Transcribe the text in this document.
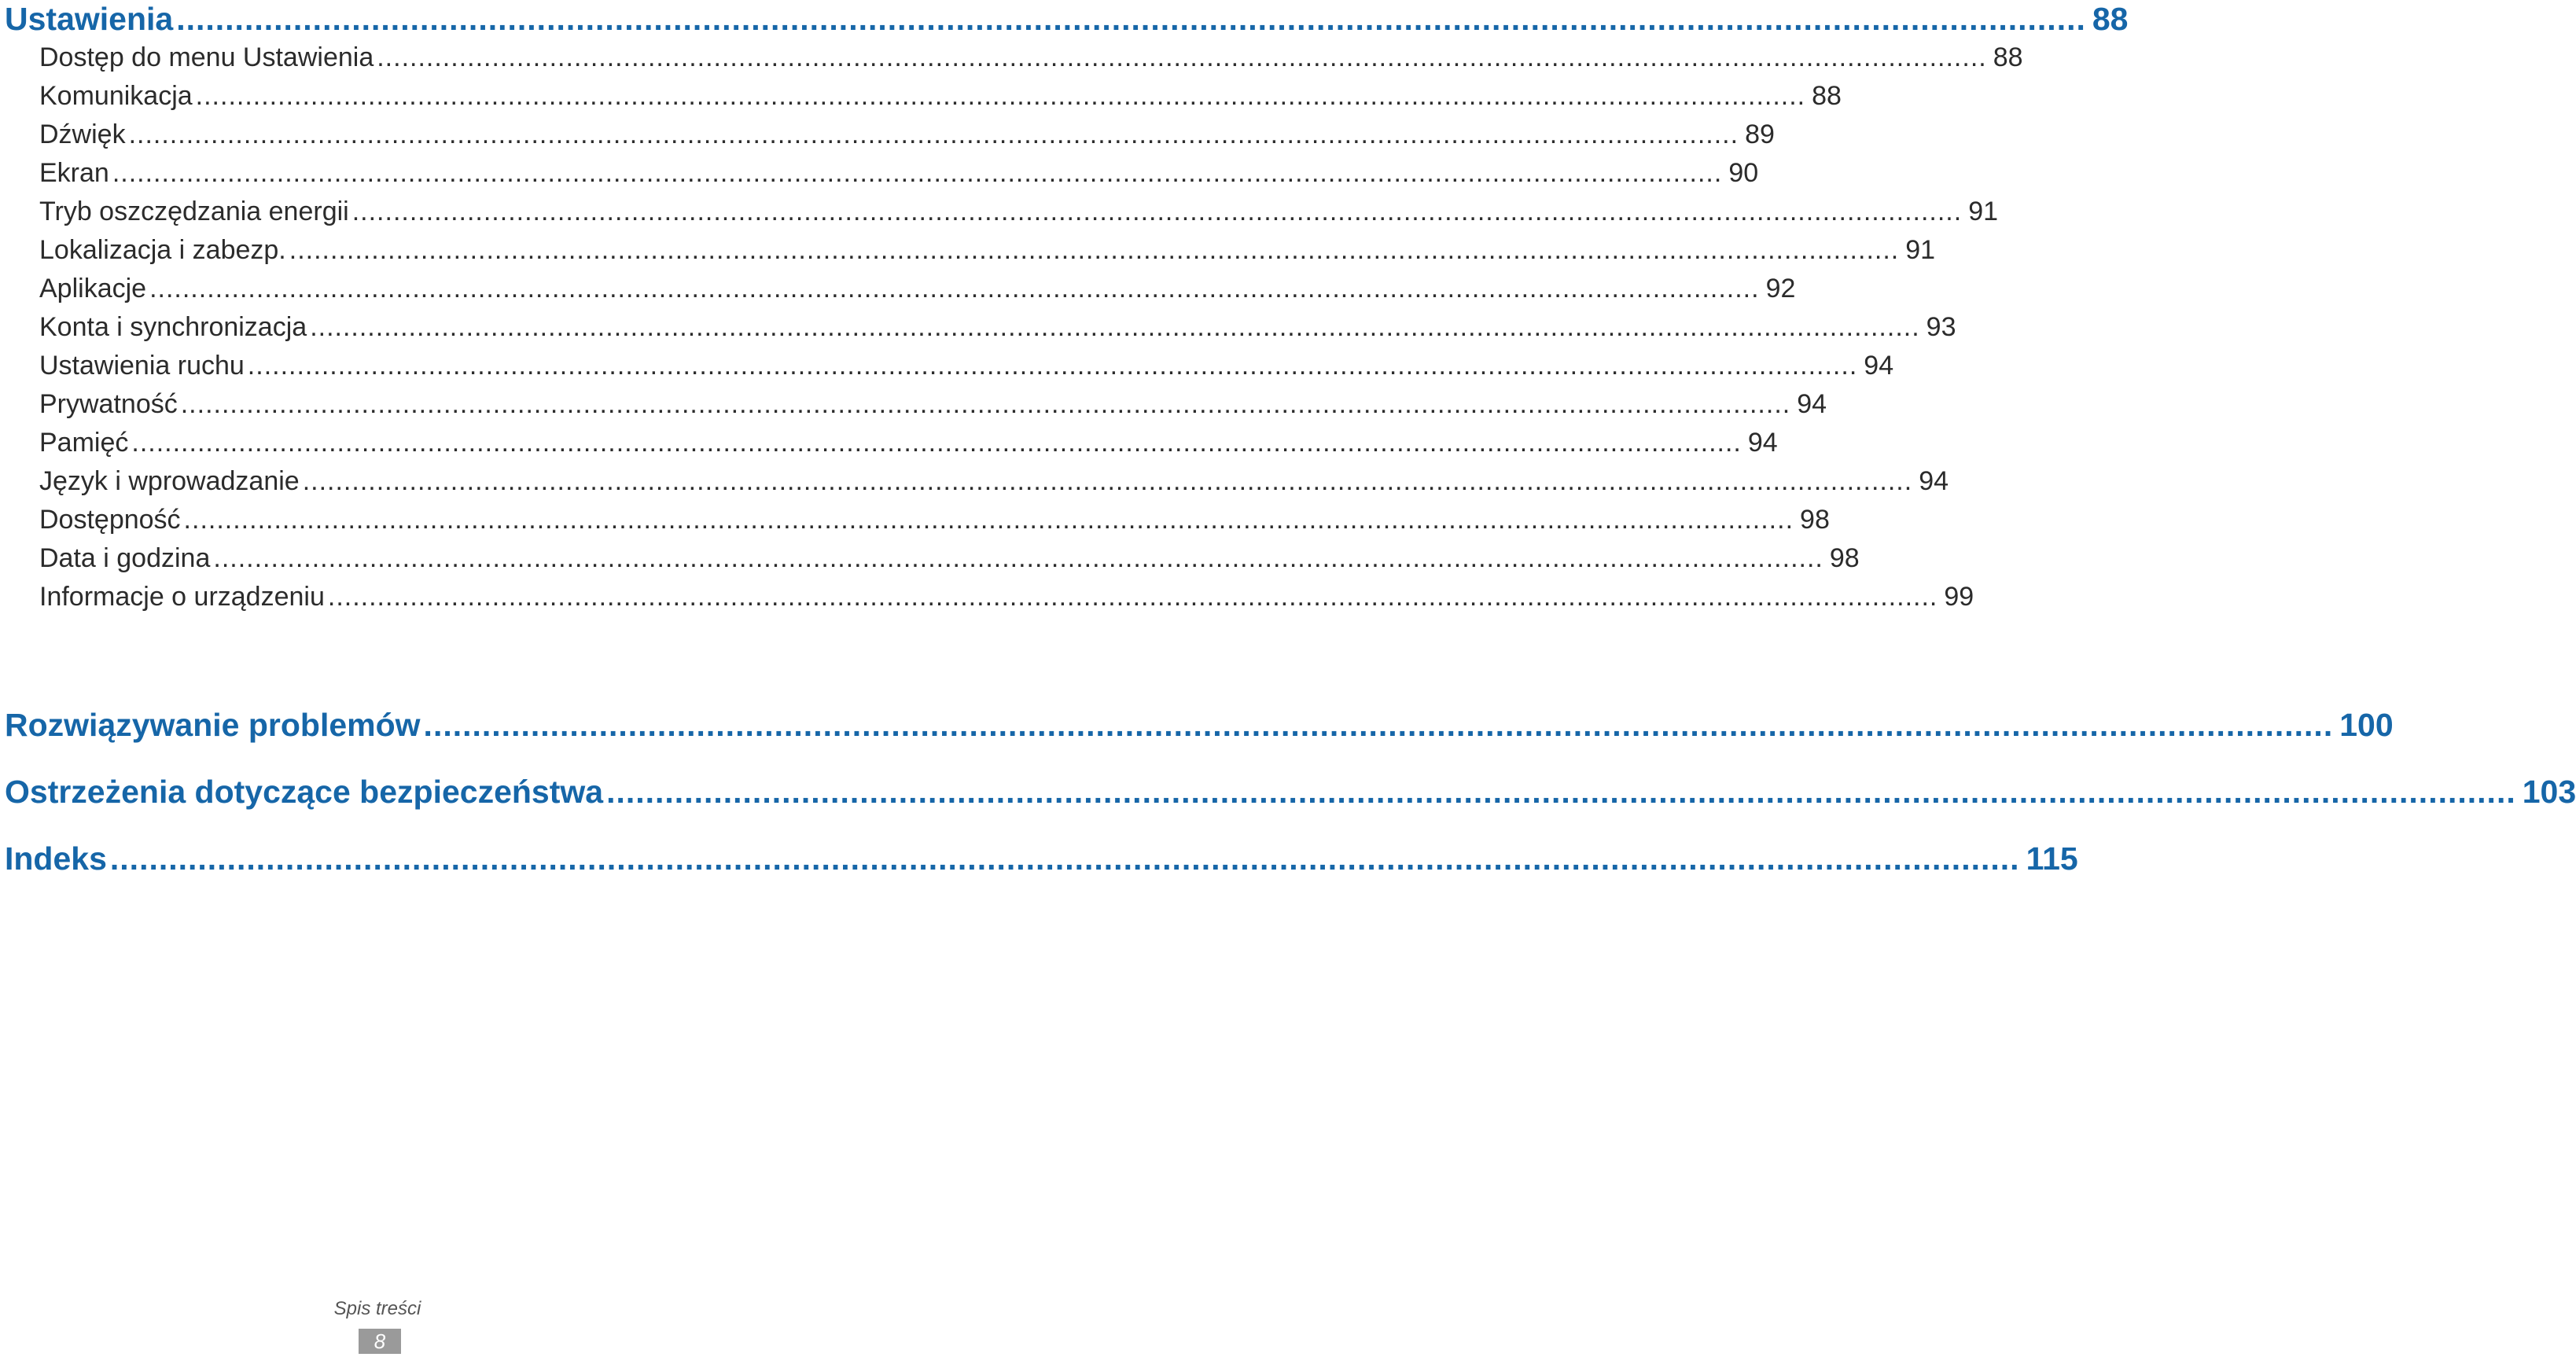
Ustawienia .................................................................................................................................................................................................... 88
Dostęp do menu Ustawienia .................................................................................................................................................................................................... 88
Komunikacja .................................................................................................................................................................................................... 88
Dźwięk .................................................................................................................................................................................................... 89
Ekran .................................................................................................................................................................................................... 90
Tryb oszczędzania energii .................................................................................................................................................................................................... 91
Lokalizacja i zabezp. .................................................................................................................................................................................................... 91
Aplikacje .................................................................................................................................................................................................... 92
Konta i synchronizacja .................................................................................................................................................................................................... 93
Ustawienia ruchu .................................................................................................................................................................................................... 94
Prywatność .................................................................................................................................................................................................... 94
Pamięć .................................................................................................................................................................................................... 94
Język i wprowadzanie .................................................................................................................................................................................................... 94
Dostępność .................................................................................................................................................................................................... 98
Data i godzina .................................................................................................................................................................................................... 98
Informacje o urządzeniu .................................................................................................................................................................................................... 99
Rozwiązywanie problemów .................................................................................................................................................................................................... 100
Ostrzeżenia dotyczące bezpieczeństwa .................................................................................................................................................................................................... 103
Indeks .................................................................................................................................................................................................... 115
Spis treści
8
